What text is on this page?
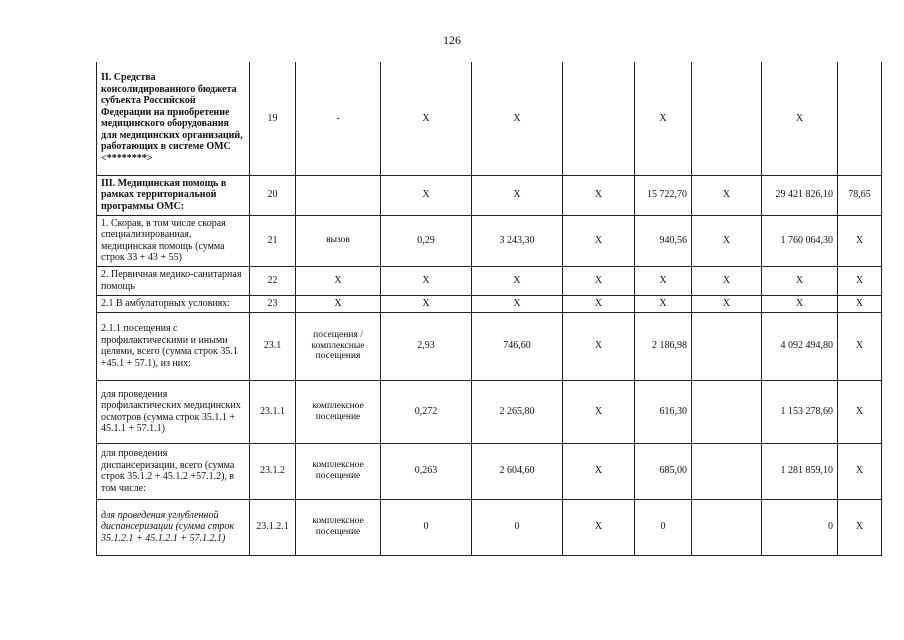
126
II. Средства консолидированного бюджета субъекта Российской Федерации на приобретение медицинского оборудования для медицинских организаций, работающих в системе ОМС <********>	19	-	Х	Х		Х		Х	
III. Медицинская помощь в рамках территориальной программы ОМС:	20		Х	Х	Х	15 722,70	Х	29 421 826,10	78,65
1. Скорая, в том числе скорая специализированная, медицинская помощь (сумма строк 33 + 43 + 55)	21	вызов	0,29	3 243,30	Х	940,56	Х	1 760 064,30	Х
2. Первичная медико-санитарная помощь	22	Х	Х	Х	Х	Х	Х	Х	Х
2.1 В амбулаторных условиях:	23	Х	Х	Х	Х	Х	Х	Х	Х
2.1.1 посещения с профилактическими и иными целями, всего (сумма строк 35.1 +45.1 + 57.1), из них:	23.1	посещения / комплексные посещения	2,93	746,60	Х	2 186,98		4 092 494,80	Х
для проведения профилактических медицинских осмотров (сумма строк 35.1.1 + 45.1.1 + 57.1.1)	23.1.1	комплексное посещение	0,272	2 265,80	Х	616,30		1 153 278,60	Х
для проведения диспансеризации, всего (сумма строк 35.1.2 + 45.1.2 +57.1.2), в том числе:	23.1.2	комплексное посещение	0,263	2 604,60	Х	685,00		1 281 859,10	Х
для проведения углубленной диспансеризации (сумма строк 35.1.2.1 + 45.1.2.1 + 57.1.2.1)	23.1.2.1	комплексное посещение	0	0	Х	0		0	Х
